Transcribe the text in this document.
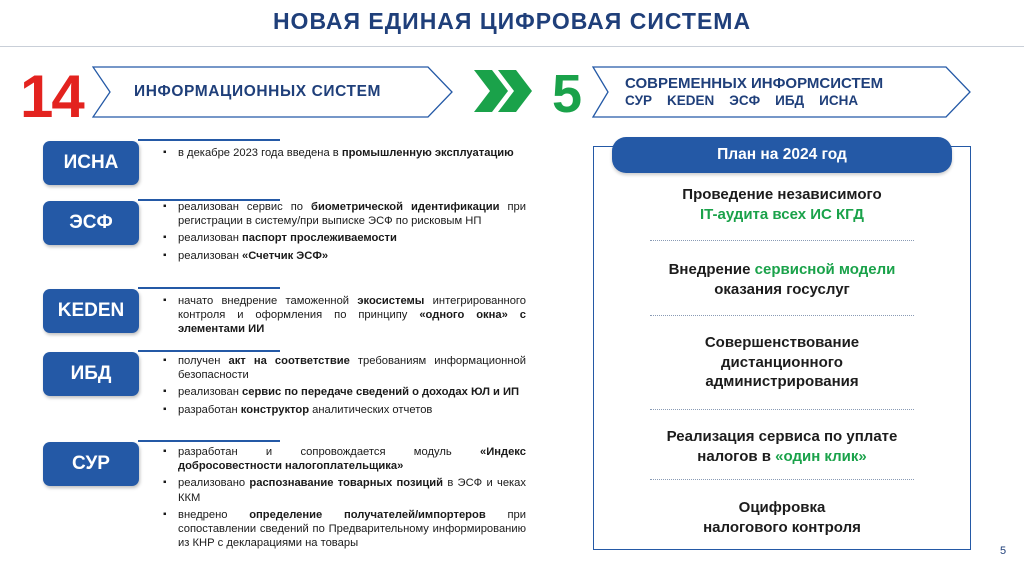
НОВАЯ ЕДИНАЯ ЦИФРОВАЯ СИСТЕМА
14	ИНФОРМАЦИОННЫХ СИСТЕМ	5	СОВРЕМЕННЫХ ИНФОРМСИСТЕМ
СУР KEDEN ЭСФ ИБД ИСНА
ИСНА	▪ в декабре 2023 года введена в промышленную эксплуатацию
ЭСФ
▪ реализован сервис по биометрической идентификации при регистрации в систему/при выписке ЭСФ по рисковым НП
▪ реализован паспорт прослеживаемости
▪ реализован «Счетчик ЭСФ»
KEDEN	▪ начато внедрение таможенной экосистемы интегрированного контроля и оформления по принципу «одного окна» с элементами ИИ
ИБД
▪ получен акт на соответствие требованиям информационной безопасности
▪ реализован сервис по передаче сведений о доходах ЮЛ и ИП
▪ разработан конструктор аналитических отчетов
СУР
▪ разработан и сопровождается модуль «Индекс добросовестности налогоплательщика»
▪ реализовано распознавание товарных позиций в ЭСФ и чеках ККМ
▪ внедрено определение получателей/импортеров при сопоставлении сведений по Предварительному информированию из КНР с декларациями на товары
План на 2024 год
Проведение независимого
IT-аудита всех ИС КГД
Внедрение сервисной модели
оказания госуслуг
Совершенствование
дистанционного
администрирования
Реализация сервиса по уплате
налогов в «один клик»
Оцифровка
налогового контроля
5
